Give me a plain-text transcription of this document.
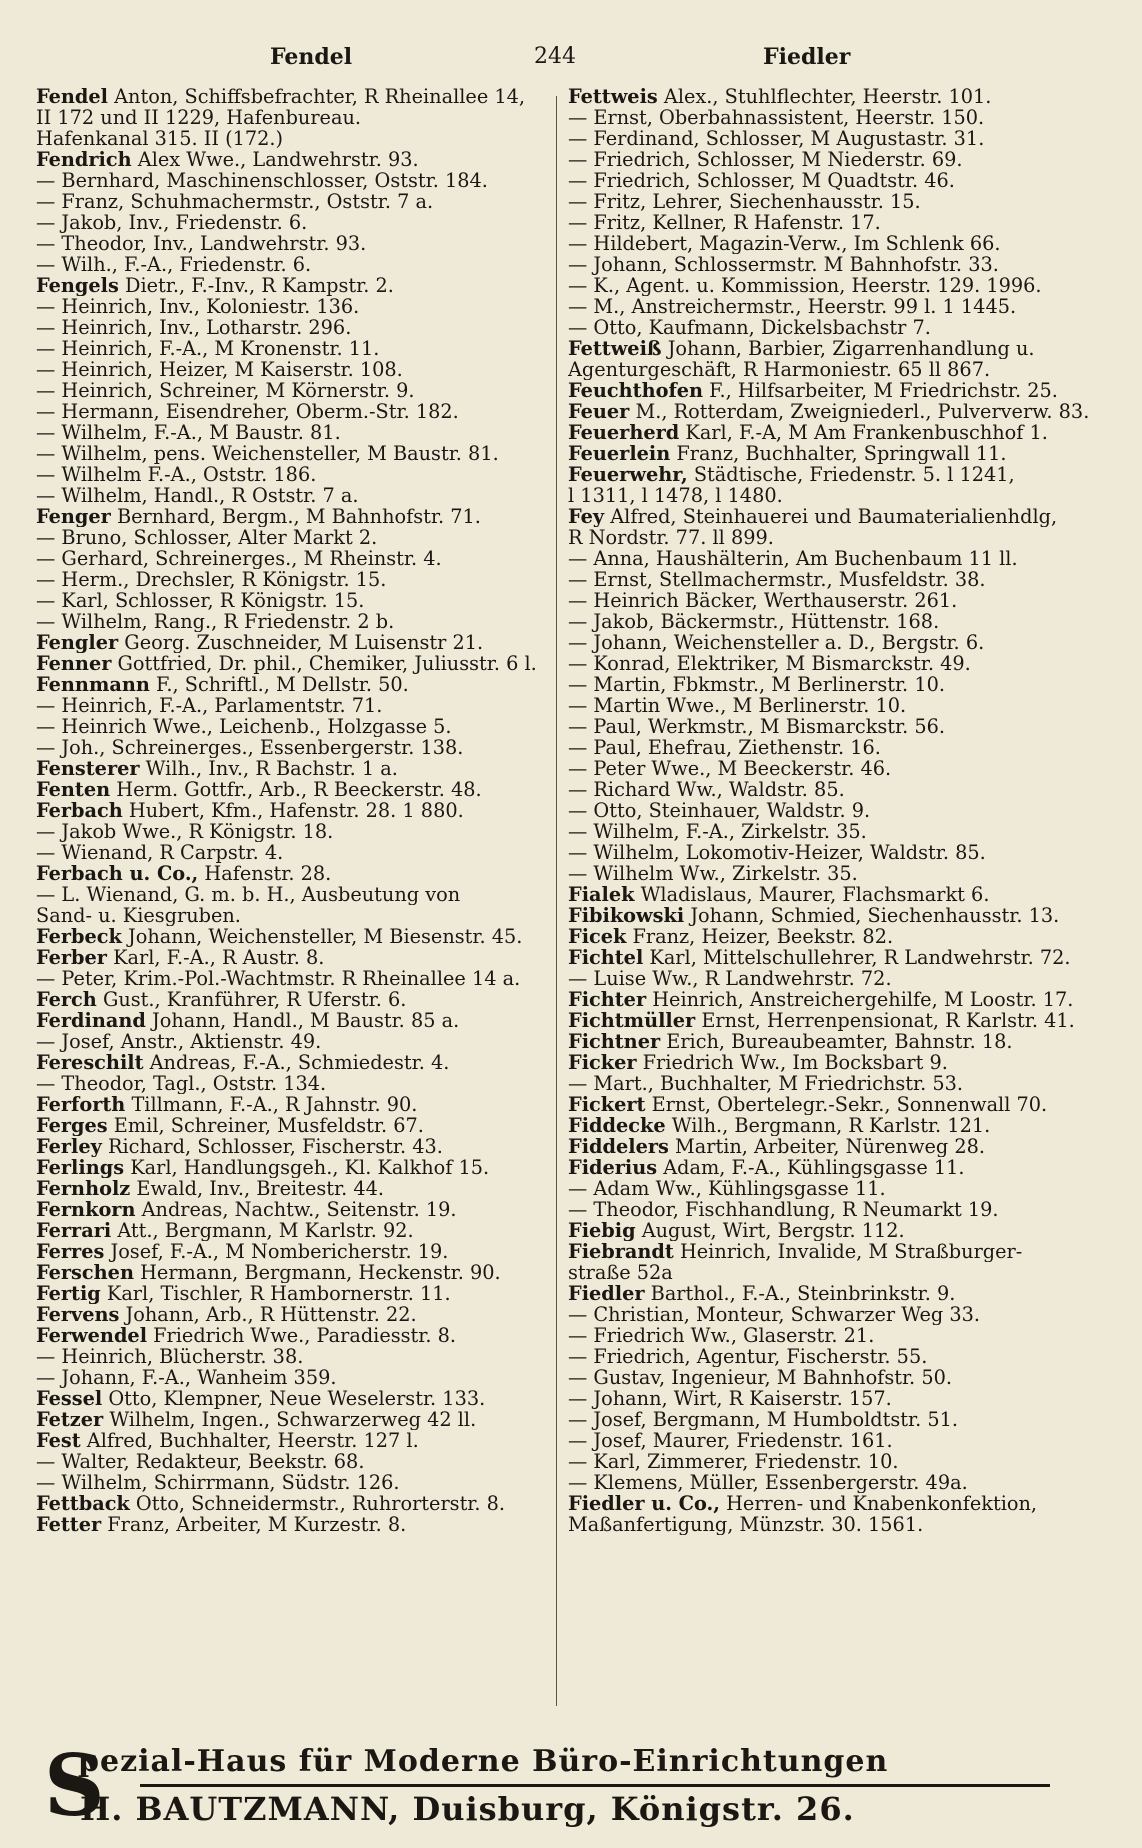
Fendel	244	Fiedler
Fendel Anton, Schiffsbefrachter, R Rheinallee 14,
II 172 und II 1229, Hafenbureau.
Hafenkanal 315. II (172.)
Fendrich Alex Wwe., Landwehrstr. 93.
— Bernhard, Maschinenschlosser, Oststr. 184.
— Franz, Schuhmachermstr., Oststr. 7 a.
— Jakob, Inv., Friedenstr. 6.
— Theodor, Inv., Landwehrstr. 93.
— Wilh., F.-A., Friedenstr. 6.
Fengels Dietr., F.-Inv., R Kampstr. 2.
— Heinrich, Inv., Koloniestr. 136.
— Heinrich, Inv., Lotharstr. 296.
— Heinrich, F.-A., M Kronenstr. 11.
— Heinrich, Heizer, M Kaiserstr. 108.
— Heinrich, Schreiner, M Körnerstr. 9.
— Hermann, Eisendreher, Oberm.-Str. 182.
— Wilhelm, F.-A., M Baustr. 81.
— Wilhelm, pens. Weichensteller, M Baustr. 81.
— Wilhelm F.-A., Oststr. 186.
— Wilhelm, Handl., R Oststr. 7 a.
Fenger Bernhard, Bergm., M Bahnhofstr. 71.
— Bruno, Schlosser, Alter Markt 2.
— Gerhard, Schreinerges., M Rheinstr. 4.
— Herm., Drechsler, R Königstr. 15.
— Karl, Schlosser, R Königstr. 15.
— Wilhelm, Rang., R Friedenstr. 2 b.
Fengler Georg. Zuschneider, M Luisenstr 21.
Fenner Gottfried, Dr. phil., Chemiker, Juliusstr. 6 l.
Fennmann F., Schriftl., M Dellstr. 50.
— Heinrich, F.-A., Parlamentstr. 71.
— Heinrich Wwe., Leichenb., Holzgasse 5.
— Joh., Schreinerges., Essenbergerstr. 138.
Fensterer Wilh., Inv., R Bachstr. 1 a.
Fenten Herm. Gottfr., Arb., R Beeckerstr. 48.
Ferbach Hubert, Kfm., Hafenstr. 28. 1 880.
— Jakob Wwe., R Königstr. 18.
— Wienand, R Carpstr. 4.
Ferbach u. Co., Hafenstr. 28.
— L. Wienand, G. m. b. H., Ausbeutung von
Sand- u. Kiesgruben.
Ferbeck Johann, Weichensteller, M Biesenstr. 45.
Ferber Karl, F.-A., R Austr. 8.
— Peter, Krim.-Pol.-Wachtmstr. R Rheinallee 14 a.
Ferch Gust., Kranführer, R Uferstr. 6.
Ferdinand Johann, Handl., M Baustr. 85 a.
— Josef, Anstr., Aktienstr. 49.
Fereschilt Andreas, F.-A., Schmiedestr. 4.
— Theodor, Tagl., Oststr. 134.
Ferforth Tillmann, F.-A., R Jahnstr. 90.
Ferges Emil, Schreiner, Musfeldstr. 67.
Ferley Richard, Schlosser, Fischerstr. 43.
Ferlings Karl, Handlungsgeh., Kl. Kalkhof 15.
Fernholz Ewald, Inv., Breitestr. 44.
Fernkorn Andreas, Nachtw., Seitenstr. 19.
Ferrari Att., Bergmann, M Karlstr. 92.
Ferres Josef, F.-A., M Nombericherstr. 19.
Ferschen Hermann, Bergmann, Heckenstr. 90.
Fertig Karl, Tischler, R Hambornerstr. 11.
Fervens Johann, Arb., R Hüttenstr. 22.
Ferwendel Friedrich Wwe., Paradiesstr. 8.
— Heinrich, Blücherstr. 38.
— Johann, F.-A., Wanheim 359.
Fessel Otto, Klempner, Neue Weselerstr. 133.
Fetzer Wilhelm, Ingen., Schwarzerweg 42 ll.
Fest Alfred, Buchhalter, Heerstr. 127 l.
— Walter, Redakteur, Beekstr. 68.
— Wilhelm, Schirrmann, Südstr. 126.
Fettback Otto, Schneidermstr., Ruhrorterstr. 8.
Fetter Franz, Arbeiter, M Kurzestr. 8.
Fettweis Alex., Stuhlflechter, Heerstr. 101.
— Ernst, Oberbahnassistent, Heerstr. 150.
— Ferdinand, Schlosser, M Augustastr. 31.
— Friedrich, Schlosser, M Niederstr. 69.
— Friedrich, Schlosser, M Quadtstr. 46.
— Fritz, Lehrer, Siechenhausstr. 15.
— Fritz, Kellner, R Hafenstr. 17.
— Hildebert, Magazin-Verw., Im Schlenk 66.
— Johann, Schlossermstr. M Bahnhofstr. 33.
— K., Agent. u. Kommission, Heerstr. 129. 1996.
— M., Anstreichermstr., Heerstr. 99 l. 1 1445.
— Otto, Kaufmann, Dickelsbachstr 7.
Fettweiß Johann, Barbier, Zigarrenhandlung u.
Agenturgeschäft, R Harmoniestr. 65 ll 867.
Feuchthofen F., Hilfsarbeiter, M Friedrichstr. 25.
Feuer M., Rotterdam, Zweigniederl., Pulververw. 83.
Feuerherd Karl, F.-A, M Am Frankenbuschhof 1.
Feuerlein Franz, Buchhalter, Springwall 11.
Feuerwehr, Städtische, Friedenstr. 5. l 1241,
l 1311, l 1478, l 1480.
Fey Alfred, Steinhauerei und Baumaterialienhdlg,
R Nordstr. 77. ll 899.
— Anna, Haushälterin, Am Buchenbaum 11 ll.
— Ernst, Stellmachermstr., Musfeldstr. 38.
— Heinrich Bäcker, Werthauserstr. 261.
— Jakob, Bäckermstr., Hüttenstr. 168.
— Johann, Weichensteller a. D., Bergstr. 6.
— Konrad, Elektriker, M Bismarckstr. 49.
— Martin, Fbkmstr., M Berlinerstr. 10.
— Martin Wwe., M Berlinerstr. 10.
— Paul, Werkmstr., M Bismarckstr. 56.
— Paul, Ehefrau, Ziethenstr. 16.
— Peter Wwe., M Beeckerstr. 46.
— Richard Ww., Waldstr. 85.
— Otto, Steinhauer, Waldstr. 9.
— Wilhelm, F.-A., Zirkelstr. 35.
— Wilhelm, Lokomotiv-Heizer, Waldstr. 85.
— Wilhelm Ww., Zirkelstr. 35.
Fialek Wladislaus, Maurer, Flachsmarkt 6.
Fibikowski Johann, Schmied, Siechenhausstr. 13.
Ficek Franz, Heizer, Beekstr. 82.
Fichtel Karl, Mittelschullehrer, R Landwehrstr. 72.
— Luise Ww., R Landwehrstr. 72.
Fichter Heinrich, Anstreichergehilfe, M Loostr. 17.
Fichtmüller Ernst, Herrenpensionat, R Karlstr. 41.
Fichtner Erich, Bureaubeamter, Bahnstr. 18.
Ficker Friedrich Ww., Im Bocksbart 9.
— Mart., Buchhalter, M Friedrichstr. 53.
Fickert Ernst, Obertelegr.-Sekr., Sonnenwall 70.
Fiddecke Wilh., Bergmann, R Karlstr. 121.
Fiddelers Martin, Arbeiter, Nürenweg 28.
Fiderius Adam, F.-A., Kühlingsgasse 11.
— Adam Ww., Kühlingsgasse 11.
— Theodor, Fischhandlung, R Neumarkt 19.
Fiebig August, Wirt, Bergstr. 112.
Fiebrandt Heinrich, Invalide, M Straßburger-
straße 52a
Fiedler Barthol., F.-A., Steinbrinkstr. 9.
— Christian, Monteur, Schwarzer Weg 33.
— Friedrich Ww., Glaserstr. 21.
— Friedrich, Agentur, Fischerstr. 55.
— Gustav, Ingenieur, M Bahnhofstr. 50.
— Johann, Wirt, R Kaiserstr. 157.
— Josef, Bergmann, M Humboldtstr. 51.
— Josef, Maurer, Friedenstr. 161.
— Karl, Zimmerer, Friedenstr. 10.
— Klemens, Müller, Essenbergerstr. 49a.
Fiedler u. Co., Herren- und Knabenkonfektion,
Maßanfertigung, Münzstr. 30. 1561.
S
pezial-Haus für Moderne Büro-Einrichtungen
H. BAUTZMANN, Duisburg, Königstr. 26.
